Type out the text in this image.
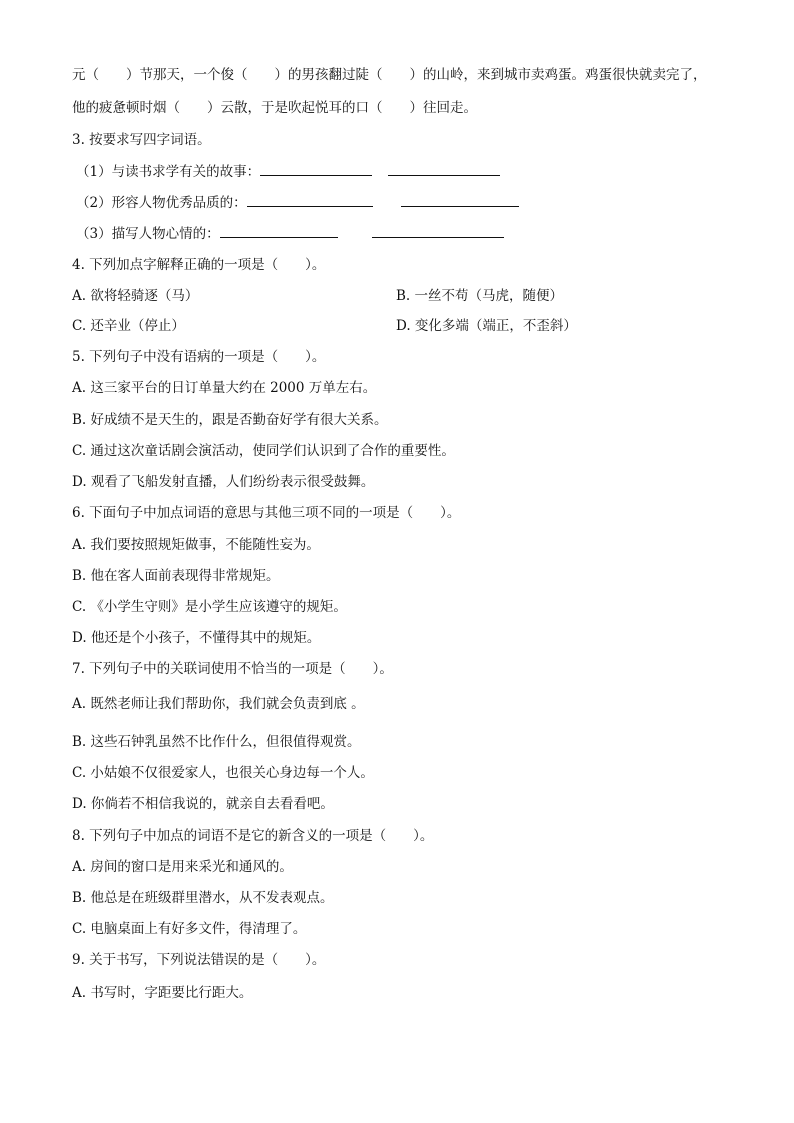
元（　　）节那天，一个俊（　　）的男孩翻过陡（　　）的山岭，来到城市卖鸡蛋。鸡蛋很快就卖完了，
他的疲惫顿时烟（　　）云散，于是吹起悦耳的口（　　）往回走。
3. 按要求写四字词语。
（1）与读书求学有关的故事：
（2）形容人物优秀品质的：
（3）描写人物心情的：
4. 下列加点字解释正确的一项是（　　）。
A. 欲将轻骑逐（马）	B. 一丝不苟（马虎，随便）
C. 还辛业（停止）	D. 变化多端（端正，不歪斜）
5. 下列句子中没有语病的一项是（　　）。
A. 这三家平台的日订单量大约在 2000 万单左右。
B. 好成绩不是天生的，跟是否勤奋好学有很大关系。
C. 通过这次童话剧会演活动，使同学们认识到了合作的重要性。
D. 观看了飞船发射直播，人们纷纷表示很受鼓舞。
6. 下面句子中加点词语的意思与其他三项不同的一项是（　　）。
A. 我们要按照规矩做事，不能随性妄为。
B. 他在客人面前表现得非常规矩。
C. 《小学生守则》是小学生应该遵守的规矩。
D. 他还是个小孩子，不懂得其中的规矩。
7. 下列句子中的关联词使用不恰当的一项是（　　）。
A. 既然老师让我们帮助你，我们就会负责到底 。
B. 这些石钟乳虽然不比作什么，但很值得观赏。
C. 小姑娘不仅很爱家人，也很关心身边每一个人。
D. 你倘若不相信我说的，就亲自去看看吧。
8. 下列句子中加点的词语不是它的新含义的一项是（　　）。
A. 房间的窗口是用来采光和通风的。
B. 他总是在班级群里潜水，从不发表观点。
C. 电脑桌面上有好多文件，得清理了。
9. 关于书写，下列说法错误的是（　　）。
A. 书写时，字距要比行距大。
